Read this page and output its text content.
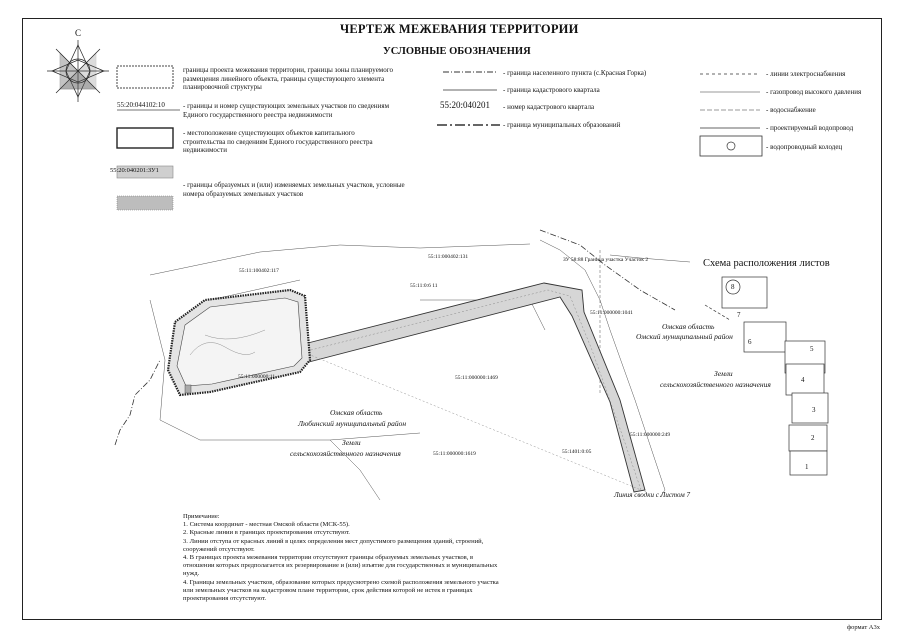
ЧЕРТЕЖ МЕЖЕВАНИЯ ТЕРРИТОРИИ
УСЛОВНЫЕ ОБОЗНАЧЕНИЯ
границы проекта межевания территории, границы зоны планируемого размещения линейного объекта, границы существующего элемента планировочной структуры
55:20:044102:10	- границы и номер существующих земельных участков по сведениям Единого государственного реестра недвижимости
- местоположение существующих объектов капитального строительства по сведениям Единого государственного реестра недвижимости
55:20:040201:ЗУ1
- границы образуемых и (или) изменяемых земельных участков, условные номера образуемых земельных участков
- граница населенного пункта (с.Красная Горка)
- граница кадастрового квартала
55:20:040201 - номер кадастрового квартала
- граница муниципальных образований
- линии электроснабжения
- газопровод высокого давления
- водоснабжение
- проектируемый водопровод
- водопроводный колодец
С
55:11:000402:131
55:11:100402:117
55:11:0:6 11
55:11:000000:1469
55:11:000000:1619
55:11:000000:1041
55:11:000000:249
55:1401:0:05
55:11:000000:11
ЗУ 58:88 Граница участка Участок 2
Омская область
Любинский муниципальный район
Земли
сельскохозяйственного назначения
Линия сводки с Листом 7
Схема расположения листов
Омская область
Омский муниципальный район
Земли
сельскохозяйственного назначения
8
7
6
5
4
3
2
1
Примечание:
1. Система координат - местная Омской области (МСК-55).
2. Красные линии в границах проектирования отсутствуют.
3. Линии отступа от красных линий в целях определения мест допустимого размещения зданий, строений, сооружений отсутствуют.
4. В границах проекта межевания территории отсутствуют границы образуемых земельных участков, в отношении которых предполагается их резервирование и (или) изъятие для государственных и муниципальных нужд.
4. Границы земельных участков, образование которых предусмотрено схемой расположения земельного участка или земельных участков на кадастровом плане территории, срок действия которой не истек в границах проектирования отсутствуют.
формат А3х
